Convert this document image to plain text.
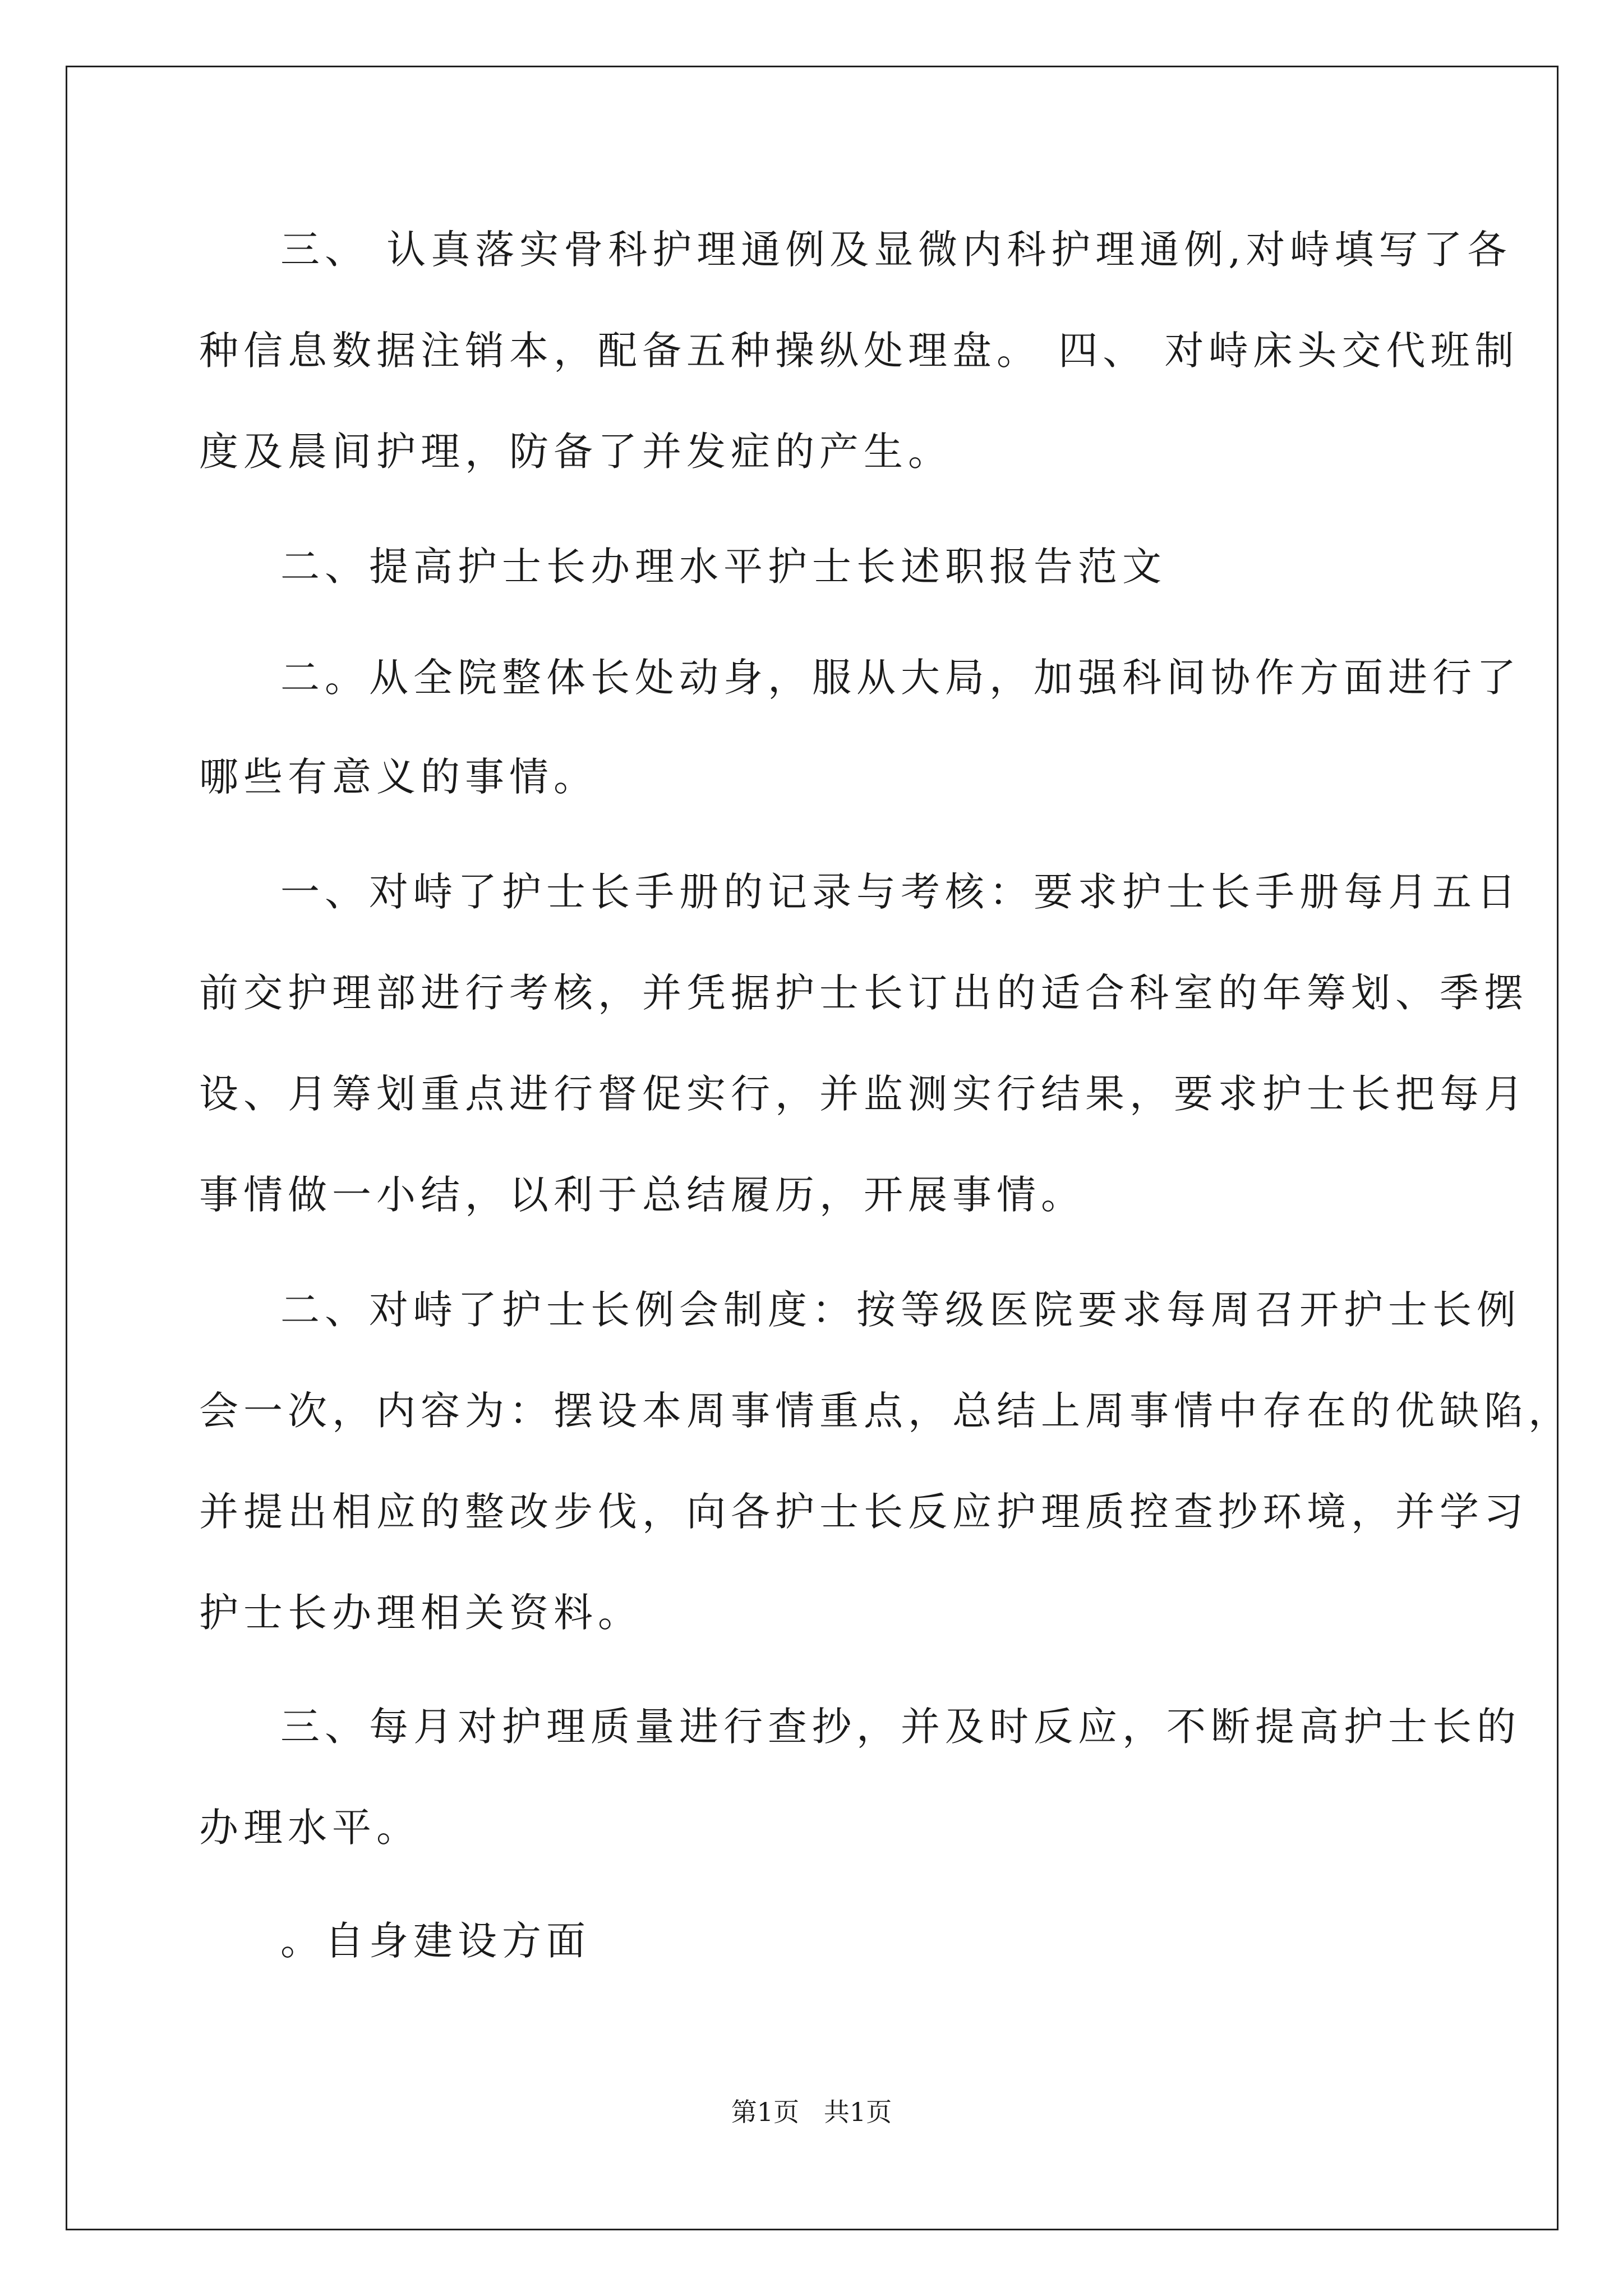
三、 认真落实骨科护理通例及显微内科护理通例,对峙填写了各
种信息数据注销本，配备五种操纵处理盘。 四、 对峙床头交代班制
度及晨间护理，防备了并发症的产生。
二、提高护士长办理水平护士长述职报告范文
二。从全院整体长处动身，服从大局，加强科间协作方面进行了
哪些有意义的事情。
一、对峙了护士长手册的记录与考核：要求护士长手册每月五日
前交护理部进行考核，并凭据护士长订出的适合科室的年筹划、季摆
设、月筹划重点进行督促实行，并监测实行结果，要求护士长把每月
事情做一小结，以利于总结履历，开展事情。
二、对峙了护士长例会制度：按等级医院要求每周召开护士长例
会一次，内容为：摆设本周事情重点，总结上周事情中存在的优缺陷，
并提出相应的整改步伐，向各护士长反应护理质控查抄环境，并学习
护士长办理相关资料。
三、每月对护理质量进行查抄，并及时反应，不断提高护士长的
办理水平。
。自身建设方面
第1页   共1页
